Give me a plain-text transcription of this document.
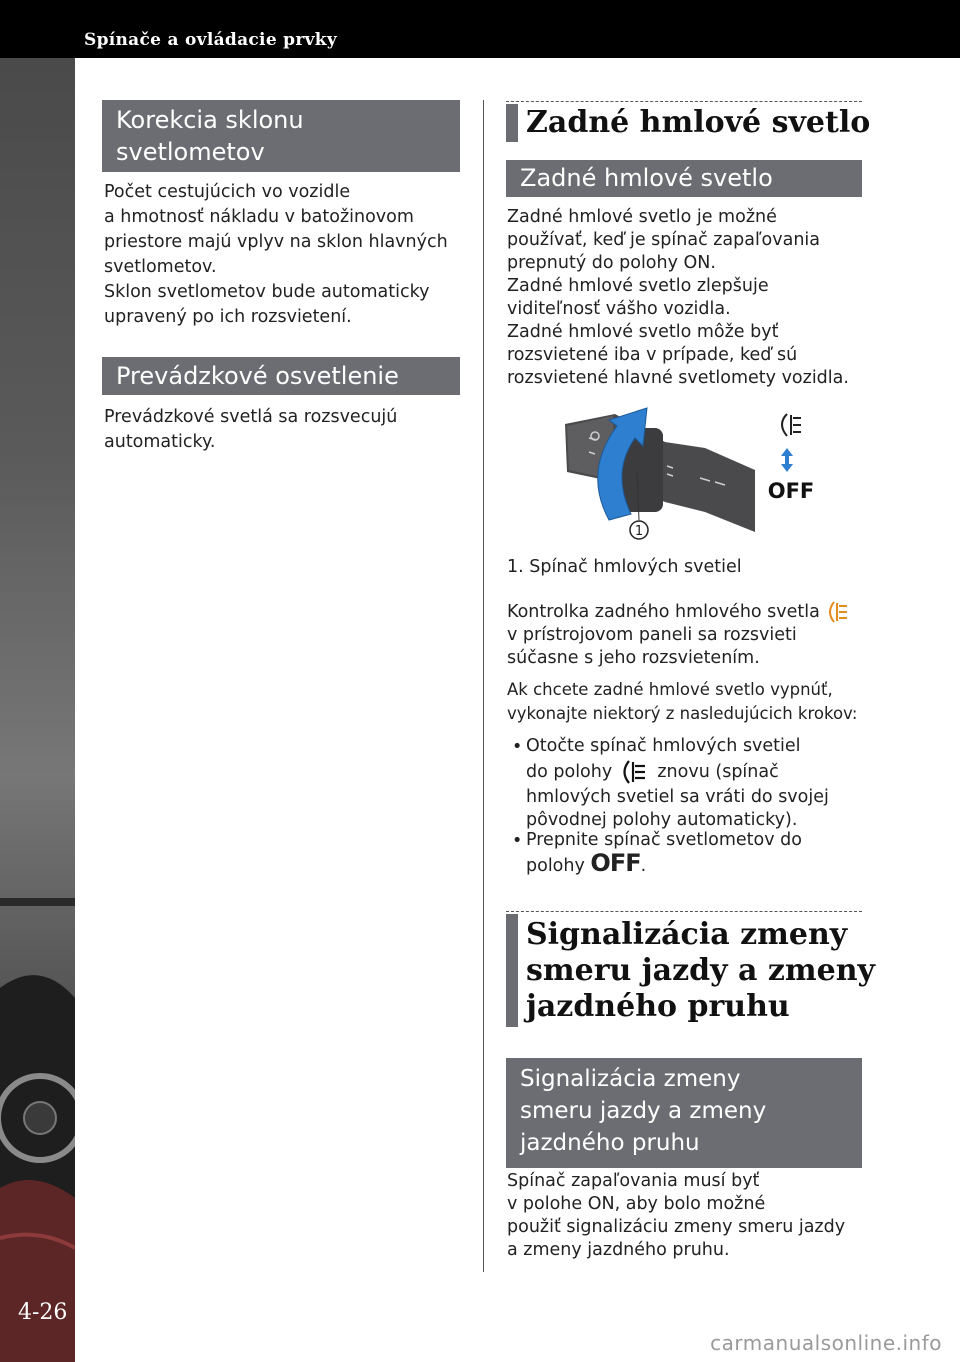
Spínače a ovládacie prvky
4-26
Korekcia sklonu
svetlometov
Počet cestujúcich vo vozidle
a hmotnosť nákladu v batožinovom
priestore majú vplyv na sklon hlavných
svetlometov.
Sklon svetlometov bude automaticky
upravený po ich rozsvietení.
Prevádzkové osvetlenie
Prevádzkové svetlá sa rozsvecujú
automaticky.
Zadné hmlové svetlo
Zadné hmlové svetlo
Zadné hmlové svetlo je možné
používať, keď je spínač zapaľovania
prepnutý do polohy ON.
Zadné hmlové svetlo zlepšuje
viditeľnosť vášho vozidla.
Zadné hmlové svetlo môže byť
rozsvietené iba v prípade, keď sú
rozsvietené hlavné svetlomety vozidla.
1
OFF
1. Spínač hmlových svetiel
Kontrolka zadného hmlového svetla
v prístrojovom paneli sa rozsvieti
súčasne s jeho rozsvietením.
Ak chcete zadné hmlové svetlo vypnúť,
vykonajte niektorý z nasledujúcich krokov:
• Otočte spínač hmlových svetiel
do polohy	znovu (spínač
hmlových svetiel sa vráti do svojej
pôvodnej polohy automaticky).
• Prepnite spínač svetlometov do
polohy OFF.
Signalizácia zmeny
smeru jazdy a zmeny
jazdného pruhu
Signalizácia zmeny
smeru jazdy a zmeny
jazdného pruhu
Spínač zapaľovania musí byť
v polohe ON, aby bolo možné
použiť signalizáciu zmeny smeru jazdy
a zmeny jazdného pruhu.
carmanualsonline.info
